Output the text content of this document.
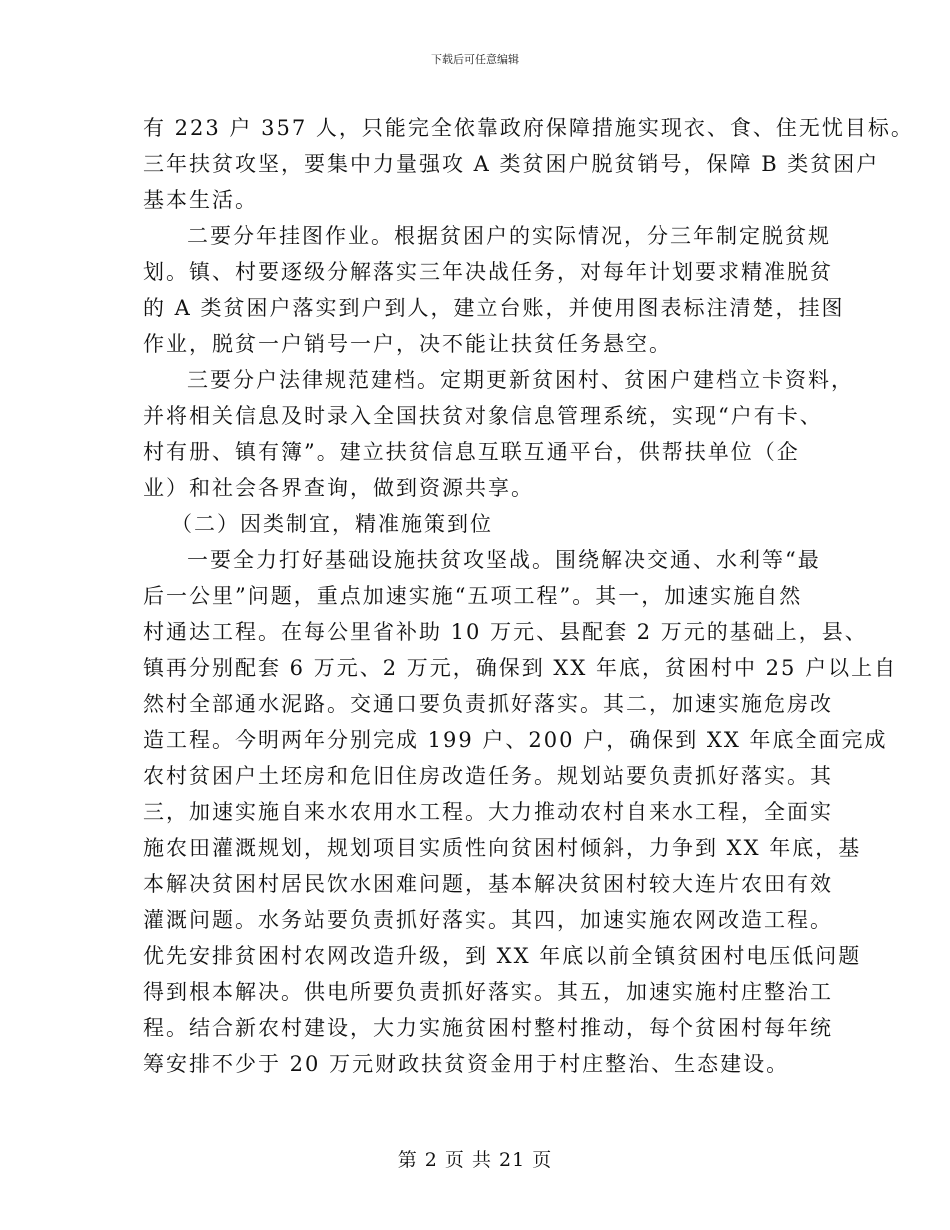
下载后可任意编辑
有 223 户 357 人，只能完全依靠政府保障措施实现衣、食、住无忧目标。
三年扶贫攻坚，要集中力量强攻 A 类贫困户脱贫销号，保障 B 类贫困户
基本生活。
二要分年挂图作业。根据贫困户的实际情况，分三年制定脱贫规
划。镇、村要逐级分解落实三年决战任务，对每年计划要求精准脱贫
的 A 类贫困户落实到户到人，建立台账，并使用图表标注清楚，挂图
作业，脱贫一户销号一户，决不能让扶贫任务悬空。
三要分户法律规范建档。定期更新贫困村、贫困户建档立卡资料，
并将相关信息及时录入全国扶贫对象信息管理系统，实现“户有卡、
村有册、镇有簿”。建立扶贫信息互联互通平台，供帮扶单位（企
业）和社会各界查询，做到资源共享。
（二）因类制宜，精准施策到位
一要全力打好基础设施扶贫攻坚战。围绕解决交通、水利等“最
后一公里”问题，重点加速实施“五项工程”。其一，加速实施自然
村通达工程。在每公里省补助 10 万元、县配套 2 万元的基础上，县、
镇再分别配套 6 万元、2 万元，确保到 XX 年底，贫困村中 25 户以上自
然村全部通水泥路。交通口要负责抓好落实。其二，加速实施危房改
造工程。今明两年分别完成 199 户、200 户，确保到 XX 年底全面完成
农村贫困户土坯房和危旧住房改造任务。规划站要负责抓好落实。其
三，加速实施自来水农用水工程。大力推动农村自来水工程，全面实
施农田灌溉规划，规划项目实质性向贫困村倾斜，力争到 XX 年底，基
本解决贫困村居民饮水困难问题，基本解决贫困村较大连片农田有效
灌溉问题。水务站要负责抓好落实。其四，加速实施农网改造工程。
优先安排贫困村农网改造升级，到 XX 年底以前全镇贫困村电压低问题
得到根本解决。供电所要负责抓好落实。其五，加速实施村庄整治工
程。结合新农村建设，大力实施贫困村整村推动，每个贫困村每年统
筹安排不少于 20 万元财政扶贫资金用于村庄整治、生态建设。
第 2 页 共 21 页
